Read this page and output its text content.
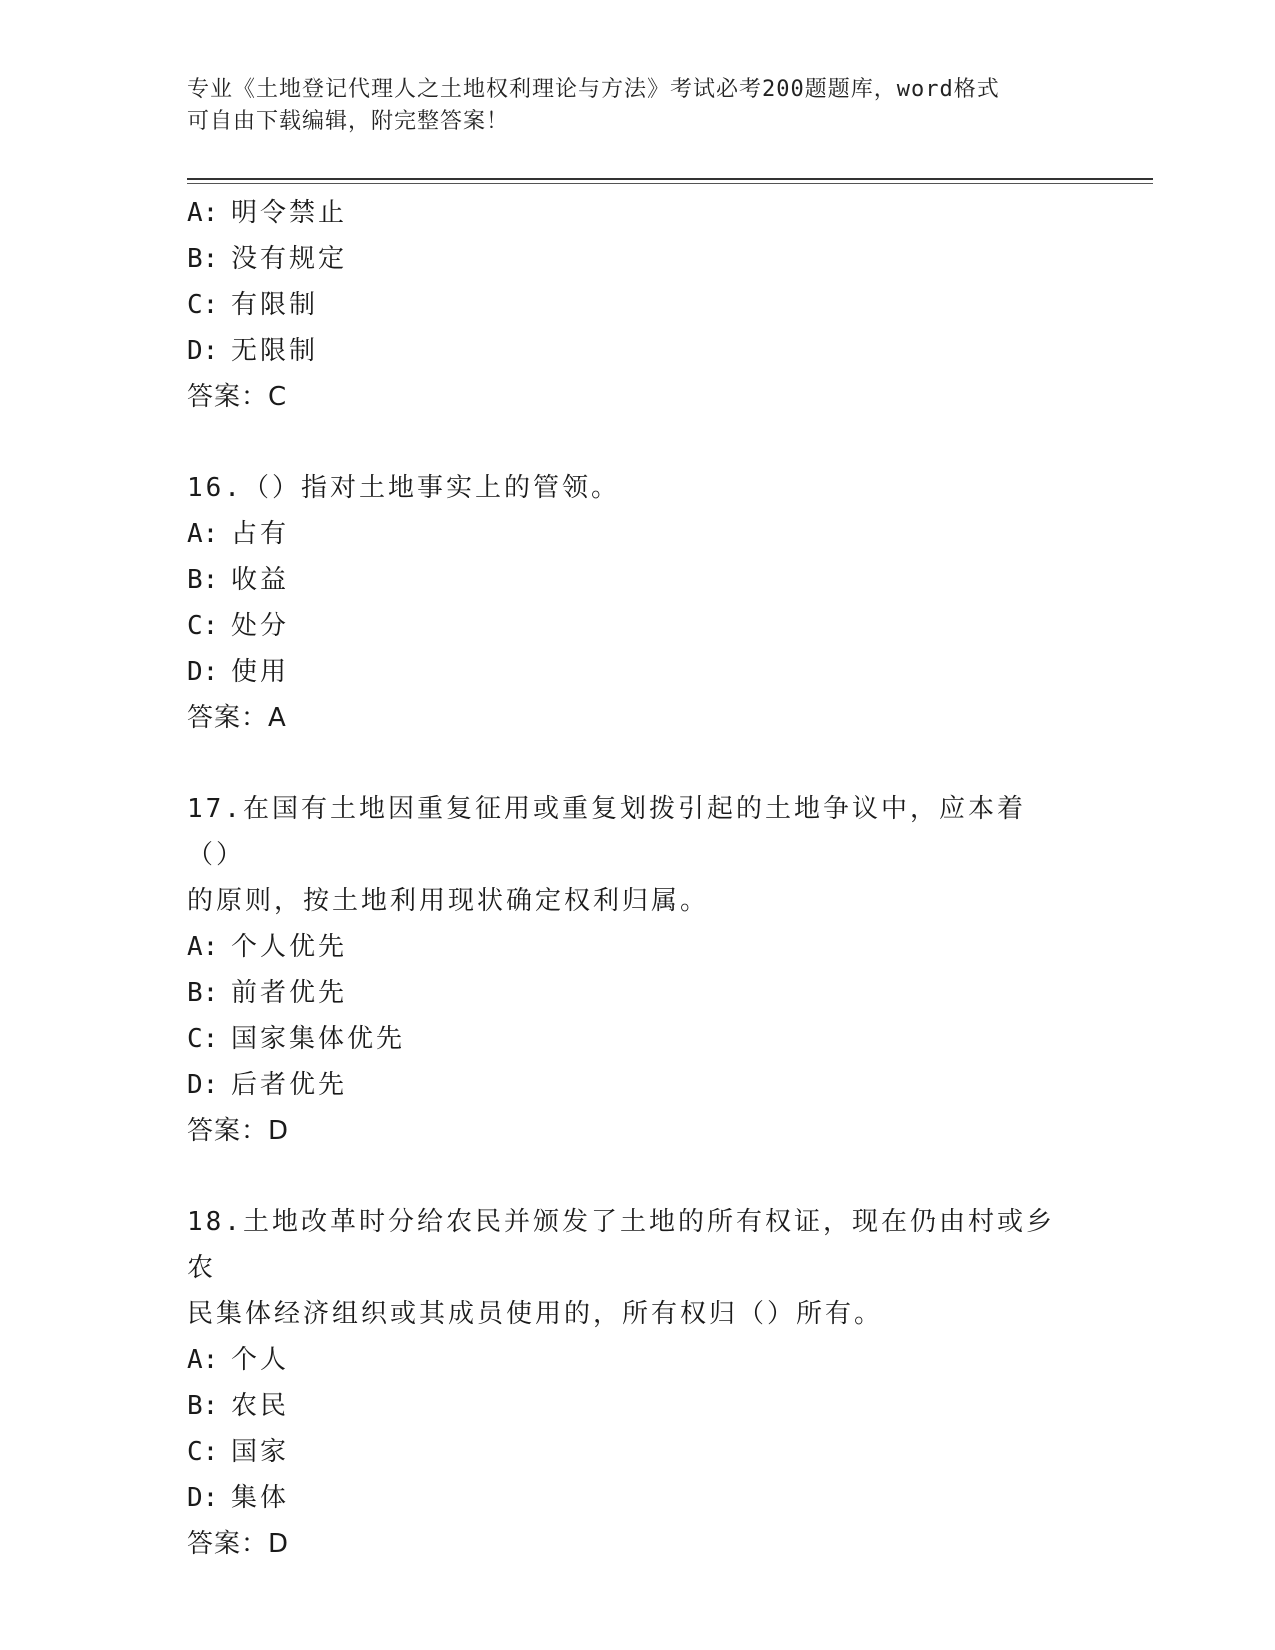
专业《土地登记代理人之土地权利理论与方法》考试必考200题题库，word格式
可自由下载编辑，附完整答案！
A: 明令禁止
B: 没有规定
C: 有限制
D: 无限制
答案：C
16.（）指对土地事实上的管领。
A: 占有
B: 收益
C: 处分
D: 使用
答案：A
17.在国有土地因重复征用或重复划拨引起的土地争议中，应本着（）
的原则，按土地利用现状确定权利归属。
A: 个人优先
B: 前者优先
C: 国家集体优先
D: 后者优先
答案：D
18.土地改革时分给农民并颁发了土地的所有权证，现在仍由村或乡农
民集体经济组织或其成员使用的，所有权归（）所有。
A: 个人
B: 农民
C: 国家
D: 集体
答案：D
